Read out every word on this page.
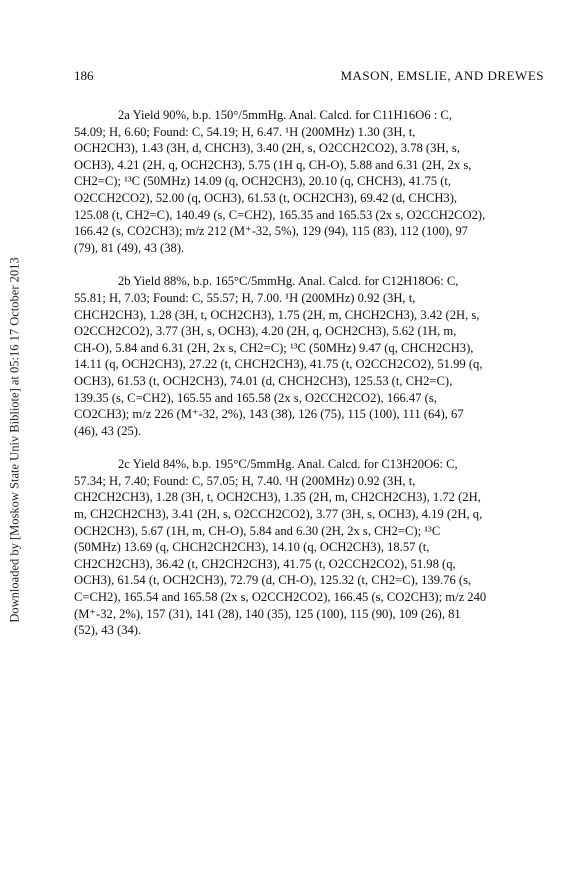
Downloaded by [Moskow State Univ Bibliote] at 05:16 17 October 2013
186	MASON, EMSLIE, AND DREWES

2a Yield 90%, b.p. 150°/5mmHg. Anal. Calcd. for C11H16O6 : C,

54.09; H, 6.60; Found: C, 54.19; H, 6.47. ¹H (200MHz) 1.30 (3H, t,

OCH2CH3), 1.43 (3H, d, CHCH3), 3.40 (2H, s, O2CCH2CO2), 3.78 (3H, s,

OCH3), 4.21 (2H, q, OCH2CH3), 5.75 (1H q, CH-O), 5.88 and 6.31 (2H, 2x s,

CH2=C); ¹³C (50MHz) 14.09 (q, OCH2CH3), 20.10 (q, CHCH3), 41.75 (t,

O2CCH2CO2), 52.00 (q, OCH3), 61.53 (t, OCH2CH3), 69.42 (d, CHCH3),

125.08 (t, CH2=C), 140.49 (s, C=CH2), 165.35 and 165.53 (2x s, O2CCH2CO2),

166.42 (s, CO2CH3); m/z 212 (M⁺-32, 5%), 129 (94), 115 (83), 112 (100), 97

(79), 81 (49), 43 (38).

2b Yield 88%, b.p. 165°C/5mmHg. Anal. Calcd. for C12H18O6: C,

55.81; H, 7.03; Found: C, 55.57; H, 7.00. ¹H (200MHz) 0.92 (3H, t,

CHCH2CH3), 1.28 (3H, t, OCH2CH3), 1.75 (2H, m, CHCH2CH3), 3.42 (2H, s,

O2CCH2CO2), 3.77 (3H, s, OCH3), 4.20 (2H, q, OCH2CH3), 5.62 (1H, m,

CH-O), 5.84 and 6.31 (2H, 2x s, CH2=C); ¹³C (50MHz) 9.47 (q, CHCH2CH3),

14.11 (q, OCH2CH3), 27.22 (t, CHCH2CH3), 41.75 (t, O2CCH2CO2), 51.99 (q,

OCH3), 61.53 (t, OCH2CH3), 74.01 (d, CHCH2CH3), 125.53 (t, CH2=C),

139.35 (s, C=CH2), 165.55 and 165.58 (2x s, O2CCH2CO2), 166.47 (s,

CO2CH3); m/z 226 (M⁺-32, 2%), 143 (38), 126 (75), 115 (100), 111 (64), 67

(46), 43 (25).

2c Yield 84%, b.p. 195°C/5mmHg. Anal. Calcd. for C13H20O6: C,

57.34; H, 7.40; Found: C, 57.05; H, 7.40. ¹H (200MHz) 0.92 (3H, t,

CH2CH2CH3), 1.28 (3H, t, OCH2CH3), 1.35 (2H, m, CH2CH2CH3), 1.72 (2H,

m, CH2CH2CH3), 3.41 (2H, s, O2CCH2CO2), 3.77 (3H, s, OCH3), 4.19 (2H, q,

OCH2CH3), 5.67 (1H, m, CH-O), 5.84 and 6.30 (2H, 2x s, CH2=C); ¹³C

(50MHz) 13.69 (q, CHCH2CH2CH3), 14.10 (q, OCH2CH3), 18.57 (t,

CH2CH2CH3), 36.42 (t, CH2CH2CH3), 41.75 (t, O2CCH2CO2), 51.98 (q,

OCH3), 61.54 (t, OCH2CH3), 72.79 (d, CH-O), 125.32 (t, CH2=C), 139.76 (s,

C=CH2), 165.54 and 165.58 (2x s, O2CCH2CO2), 166.45 (s, CO2CH3); m/z 240

(M⁺-32, 2%), 157 (31), 141 (28), 140 (35), 125 (100), 115 (90), 109 (26), 81

(52), 43 (34).
